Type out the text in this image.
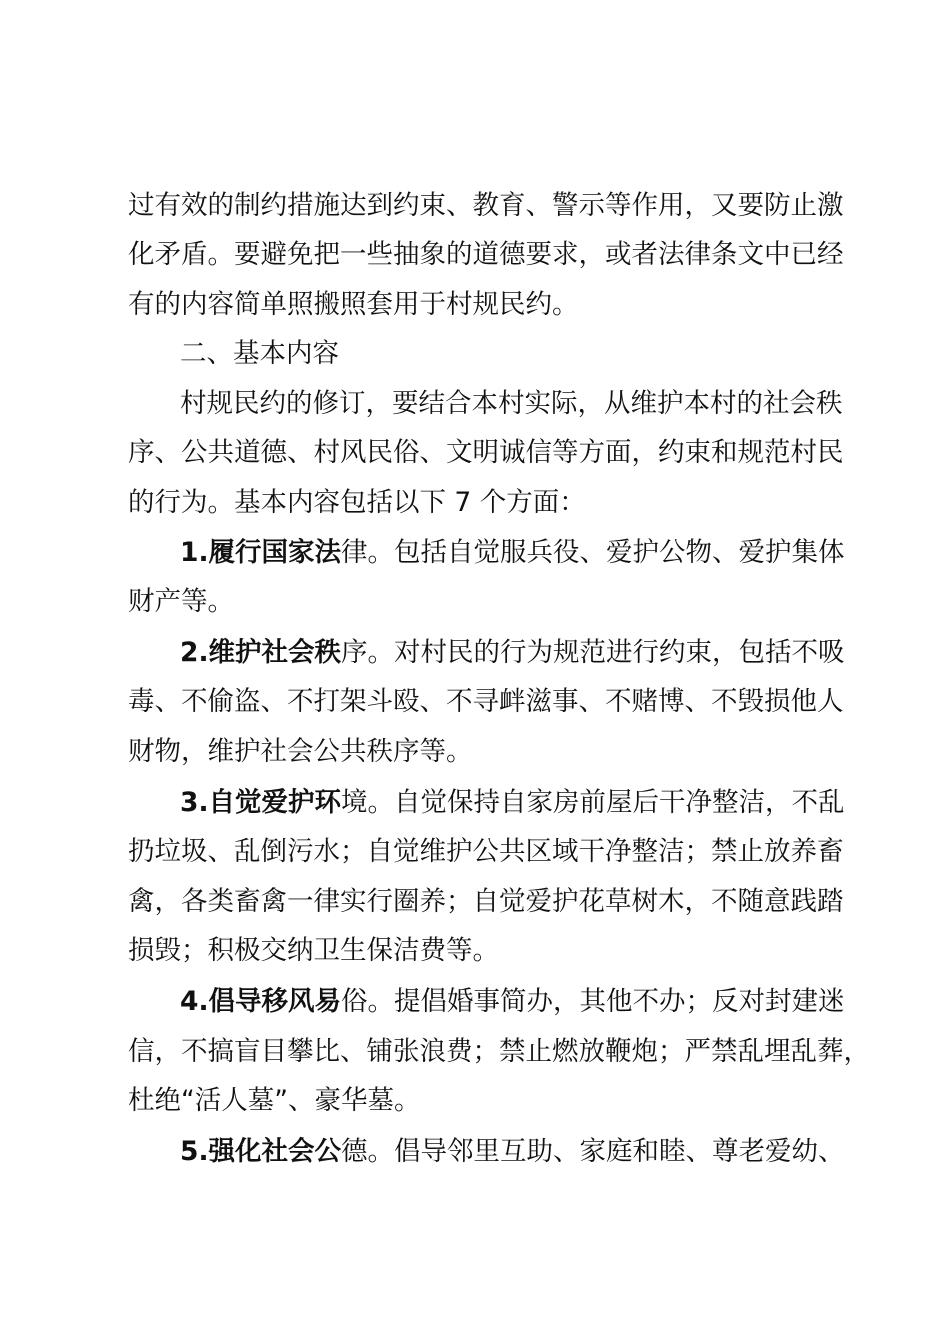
过有效的制约措施达到约束、教育、警示等作用，又要防止激
化矛盾。要避免把一些抽象的道德要求，或者法律条文中已经
有的内容简单照搬照套用于村规民约。
二、基本内容
村规民约的修订，要结合本村实际，从维护本村的社会秩
序、公共道德、村风民俗、文明诚信等方面，约束和规范村民
的行为。基本内容包括以下 7 个方面：
1.履行国家法律。包括自觉服兵役、爱护公物、爱护集体
财产等。
2.维护社会秩序。对村民的行为规范进行约束，包括不吸
毒、不偷盗、不打架斗殴、不寻衅滋事、不赌博、不毁损他人
财物，维护社会公共秩序等。
3.自觉爱护环境。自觉保持自家房前屋后干净整洁，不乱
扔垃圾、乱倒污水；自觉维护公共区域干净整洁；禁止放养畜
禽，各类畜禽一律实行圈养；自觉爱护花草树木，不随意践踏
损毁；积极交纳卫生保洁费等。
4.倡导移风易俗。提倡婚事简办，其他不办；反对封建迷
信，不搞盲目攀比、铺张浪费；禁止燃放鞭炮；严禁乱埋乱葬，
杜绝“活人墓”、豪华墓。
5.强化社会公德。倡导邻里互助、家庭和睦、尊老爱幼、
